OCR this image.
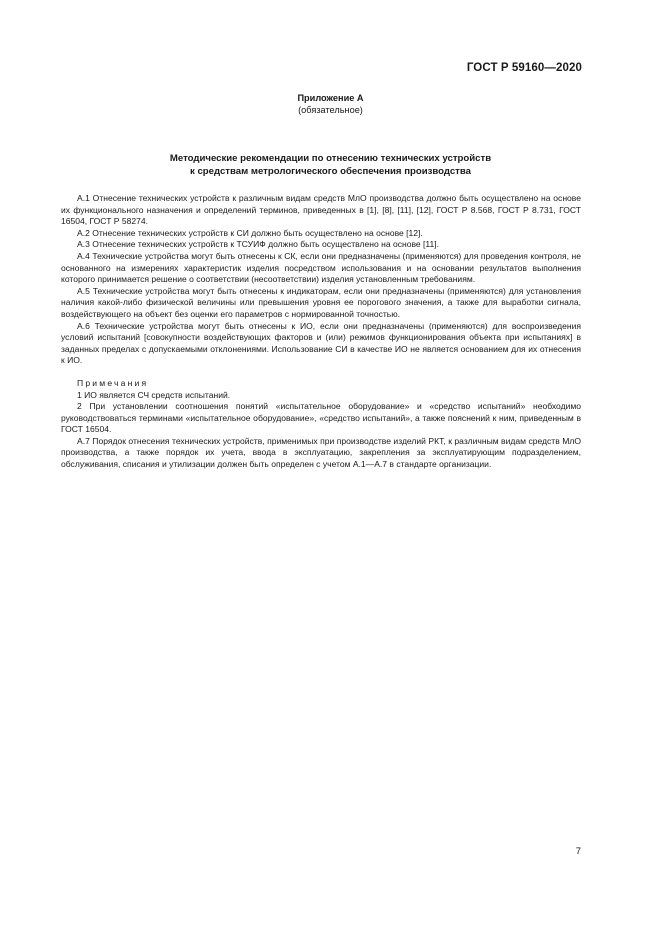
ГОСТ Р 59160—2020
Приложение А
(обязательное)
Методические рекомендации по отнесению технических устройств
к средствам метрологического обеспечения производства

А.1 Отнесение технических устройств к различным видам средств МлО производства должно быть осуществлено на основе их функционального назначения и определений терминов, приведенных в [1], [8], [11], [12], ГОСТ Р 8.568, ГОСТ Р 8.731, ГОСТ 16504, ГОСТ Р 58274.

А.2 Отнесение технических устройств к СИ должно быть осуществлено на основе [12].

А.3 Отнесение технических устройств к ТСУИФ должно быть осуществлено на основе [11].

А.4 Технические устройства могут быть отнесены к СК, если они предназначены (применяются) для проведения контроля, не основанного на измерениях характеристик изделия посредством использования и на основании результатов выполнения которого принимается решение о соответствии (несоответствии) изделия установленным требованиям.

А.5 Технические устройства могут быть отнесены к индикаторам, если они предназначены (применяются) для установления наличия какой-либо физической величины или превышения уровня ее порогового значения, а также для выработки сигнала, воздействующего на объект без оценки его параметров с нормированной точностью.

А.6 Технические устройства могут быть отнесены к ИО, если они предназначены (применяются) для воспроизведения условий испытаний [совокупности воздействующих факторов и (или) режимов функционирования объекта при испытаниях] в заданных пределах с допускаемыми отклонениями. Использование СИ в качестве ИО не является основанием для их отнесения к ИО.

Примечания

1 ИО является СЧ средств испытаний.

2 При установлении соотношения понятий «испытательное оборудование» и «средство испытаний» необходимо руководствоваться терминами «испытательное оборудование», «средство испытаний», а также пояснений к ним, приведенным в ГОСТ 16504.

А.7 Порядок отнесения технических устройств, применимых при производстве изделий РКТ, к различным видам средств МлО производства, а также порядок их учета, ввода в эксплуатацию, закрепления за эксплуатирующим подразделением, обслуживания, списания и утилизации должен быть определен с учетом А.1—А.7 в стандарте организации.

7
